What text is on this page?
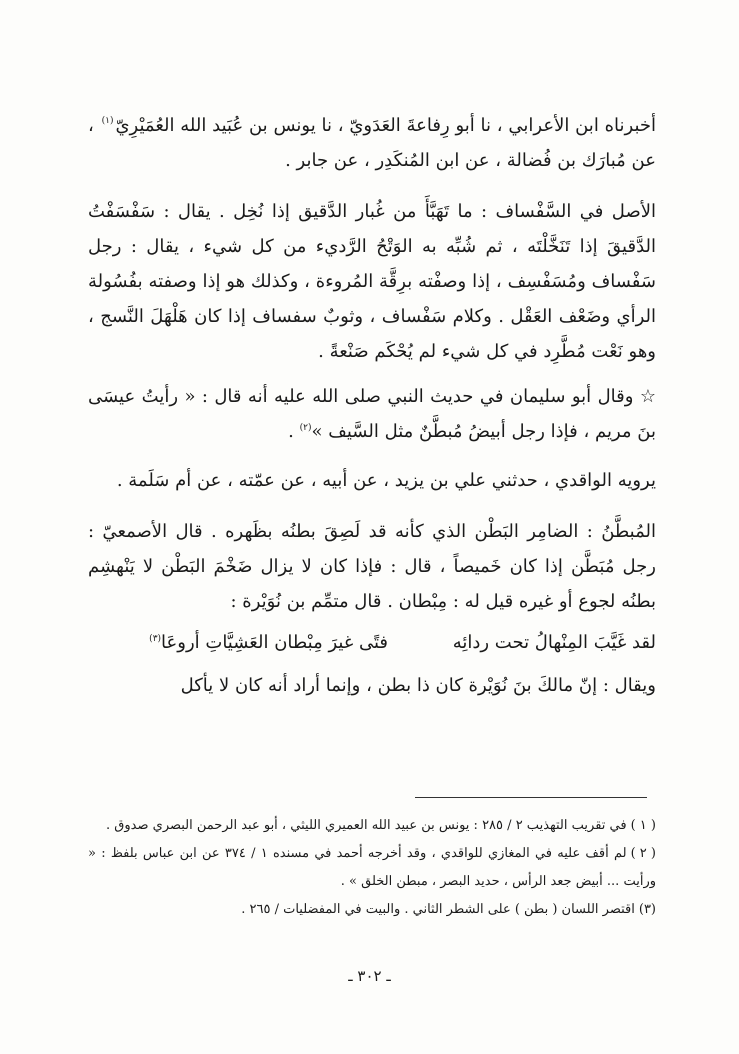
أخبرناه ابن الأعرابي ، نا أبو رِفاعةَ العَدَويّ ، نا يونس بن عُبَيد الله العُمَيْرِيّ$^{(١)}$ ، عن مُبارَك بن فُضالة ، عن ابن المُنكَدِر ، عن جابر .

الأصل في السَّفْساف : ما تَهَبَّأَ من غُبار الدَّقيق إذا نُخِل . يقال : سَفْسَفْتُ الدَّقيقَ إذا تَنَخَّلْتَه ، ثم شُبِّه به الوَتْحُ الرَّديء من كل شيء ، يقال : رجل سَفْساف ومُسَفْسِف ، إذا وصفْته برِقَّة المُروءة ، وكذلك هو إذا وصفته بفُسُولة الرأي وضَعْف العَقْل . وكلام سَفْساف ، وثوبٌ سفساف إذا كان هَلْهَلَ النَّسج ، وهو نَعْت مُطَّرِد في كل شيء لم يُحْكَم صَنْعةً .

☆ وقال أبو سليمان في حديث النبي صلى الله عليه أنه قال : « رأيتُ عيسَى بنَ مريم ، فإذا رجل أبيضُ مُبطَّنٌ مثل السَّيف »$^{(٢)}$ .

يرويه الواقدي ، حدثني علي بن يزيد ، عن أبيه ، عن عمّته ، عن أم سَلَمة .

المُبطَّنُ : الضامِر البَطْن الذي كأنه قد لَصِقَ بطنُه بظَهره . قال الأصمعيّ : رجل مُبَطَّن إذا كان خَميصاً ، قال : فإذا كان لا يزال ضَخْمَ البَطْن لا يَنْهشِم بطنُه لجوع أو غيره قيل له : مِبْطان . قال متمِّم بن نُوَيْرة :

لقد غَيَّبَ المِنْهالُ تحت ردائِه
فتًى غيرَ مِبْطان العَشِيَّاتِ أروعَا$^{(٣)}$

ويقال : إنّ مالكَ بنَ نُوَيْرة كان ذا بطن ، وإنما أراد أنه كان لا يأكل

( ١ )في تقريب التهذيب ٢ / ٢٨٥ : يونس بن عبيد الله العميري الليثي ، أبو عبد الرحمن البصري صدوق .

( ٢ )لم أقف عليه في المغازي للواقدي ، وقد أخرجه أحمد في مسنده ١ / ٣٧٤ عن ابن عباس بلفظ : « ورأيت ... أبيض جعد الرأس ، حديد البصر ، مبطن الخلق » .

(٣)اقتصر اللسان ( بطن ) على الشطر الثاني . والبيت في المفضليات / ٢٦٥ .

ـ ٣٠٢ ـ
